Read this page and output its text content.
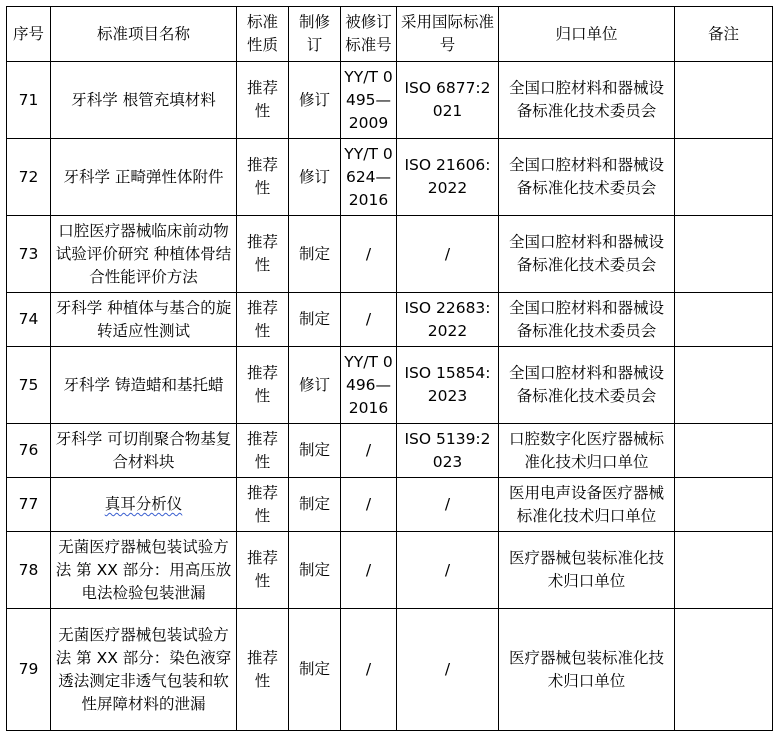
序号	标准项目名称	标准性质	制修订	被修订标准号	采用国际标准号	归口单位	备注
71	牙科学 根管充填材料	推荐性	修订	YY/T 0495—2009	ISO 6877:2021	全国口腔材料和器械设备标准化技术委员会	
72	牙科学 正畸弹性体附件	推荐性	修订	YY/T 0624—2016	ISO 21606:2022	全国口腔材料和器械设备标准化技术委员会	
73	口腔医疗器械临床前动物试验评价研究 种植体骨结合性能评价方法	推荐性	制定	/	/	全国口腔材料和器械设备标准化技术委员会	
74	牙科学 种植体与基合的旋转适应性测试	推荐性	制定	/	ISO 22683:2022	全国口腔材料和器械设备标准化技术委员会	
75	牙科学 铸造蜡和基托蜡	推荐性	修订	YY/T 0496—2016	ISO 15854:2023	全国口腔材料和器械设备标准化技术委员会	
76	牙科学 可切削聚合物基复合材料块	推荐性	制定	/	ISO 5139:2023	口腔数字化医疗器械标准化技术归口单位	
77	真耳分析仪	推荐性	制定	/	/	医用电声设备医疗器械标准化技术归口单位	
78	无菌医疗器械包装试验方法 第 XX 部分：用高压放电法检验包装泄漏	推荐性	制定	/	/	医疗器械包装标准化技术归口单位	
79	无菌医疗器械包装试验方法 第 XX 部分：染色液穿透法测定非透气包装和软性屏障材料的泄漏	推荐性	制定	/	/	医疗器械包装标准化技术归口单位	
